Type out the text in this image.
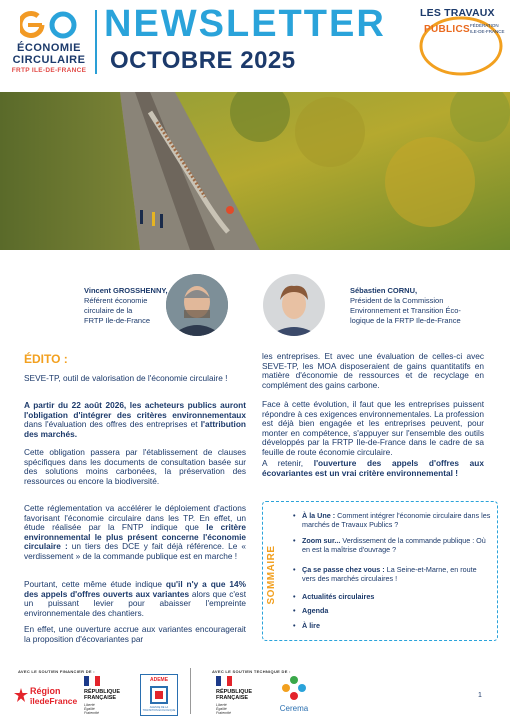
ÉCONOMIE
CIRCULAIRE
FRTP ILE-DE-FRANCE
NEWSLETTER
OCTOBRE 2025
LES TRAVAUX
PUBLICS FÉDÉRATION
ILE-DE-FRANCE
Vincent GROSSHENNY,
Référent économie
circulaire de la
FRTP Ile-de-France
Sébastien CORNU,
Président de la Commission
Environnement et Transition Éco-
logique de la FRTP Ile-de-France
ÉDITO :
SEVE-TP, outil de valorisation de l'économie circulaire !
A partir du 22 août 2026, les acheteurs publics auront l'obligation d'intégrer des critères environnementaux dans l'évaluation des offres des entreprises et l'attribution des marchés.
Cette obligation passera par l'établissement de clauses spécifiques dans les documents de consultation basée sur des solutions moins carbonées, la préservation des ressources ou encore la biodiversité.
Cette réglementation va accélérer le déploiement d'actions favorisant l'économie circulaire dans les TP. En effet, un étude réalisée par la FNTP indique que le critère environnemental le plus présent concerne l'économie circulaire : un tiers des DCE y fait déjà référence. Le « verdissement » de la commande publique est en marche !
Pourtant, cette même étude indique qu'il n'y a que 14% des appels d'offres ouverts aux variantes alors que c'est un puissant levier pour abaisser l'empreinte environnementale des chantiers.
En effet, une ouverture accrue aux variantes encouragerait la proposition d'écovariantes par
les entreprises. Et avec une évaluation de celles-ci avec SEVE-TP, les MOA disposeraient de gains quantitatifs en matière d'économie de ressources et de recyclage en complément des gains carbone.
Face à cette évolution, il faut que les entreprises puissent répondre à ces exigences environnementales. La profession est déjà bien engagée et les entreprises peuvent, pour monter en compétence, s'appuyer sur l'ensemble des outils développés par la FRTP Ile-de-France dans le cadre de sa feuille de route économie circulaire.
A retenir, l'ouverture des appels d'offres aux écovariantes est un vrai critère environnemental !
SOMMAIRE
• À la Une : Comment intégrer l'économie circulaire dans les marchés de Travaux Publics ?
• Zoom sur... Verdissement de la commande publique : Où en est la maîtrise d'ouvrage ?
• Ça se passe chez vous : La Seine-et-Marne, en route vers des marchés circulaires !
• Actualités circulaires
• Agenda
• À lire
AVEC LE SOUTIEN FINANCIER DE :	AVEC LE SOUTIEN TECHNIQUE DE :
Région
îledeFrance
RÉPUBLIQUE
FRANÇAISE
Liberté
Égalité
Fraternité
ADEME
AGENCE DE LA TRANSITION ÉCOLOGIQUE
RÉPUBLIQUE
FRANÇAISE
Liberté
Égalité
Fraternité	Cerema
1
